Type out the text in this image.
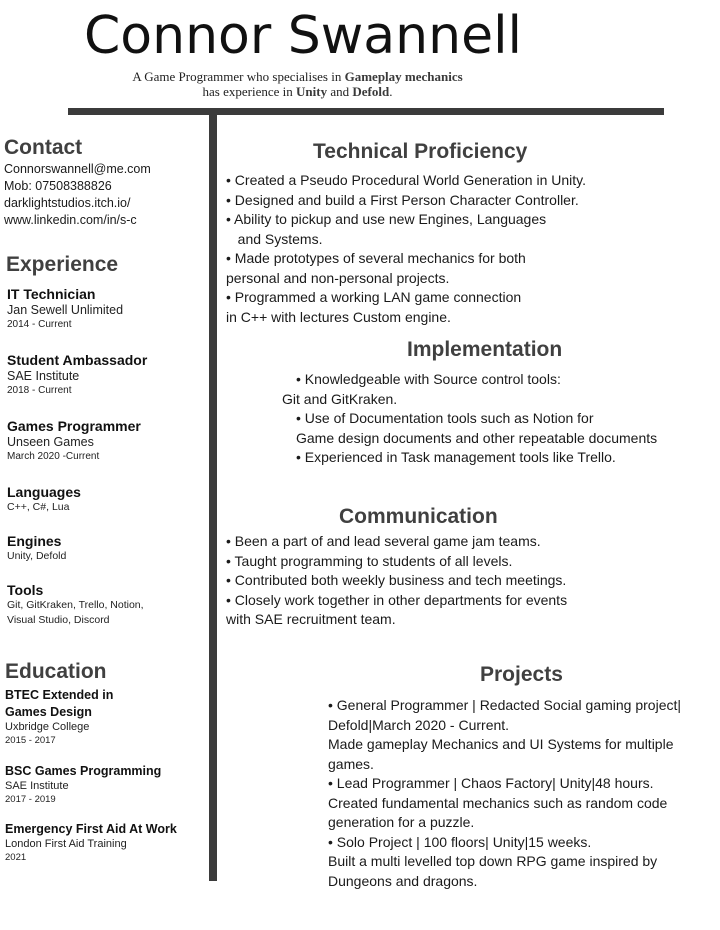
Connor Swannell
A Game Programmer who specialises in Gameplay mechanics
has experience in Unity and Defold.
Contact
Connorswannell@me.com
Mob: 07508388826
darklightstudios.itch.io/
www.linkedin.com/in/s-c
Experience
IT Technician
Jan Sewell Unlimited
2014 - Current
Student Ambassador
SAE Institute
2018 - Current
Games Programmer
Unseen Games
March 2020 -Current
Languages
C++, C#, Lua
Engines
Unity, Defold
Tools
Git, GitKraken, Trello, Notion,
Visual Studio, Discord
Education
BTEC Extended in
Games Design
Uxbridge College
2015 - 2017
BSC Games Programming
SAE Institute
2017 - 2019
Emergency First Aid At Work
London First Aid Training
2021
Technical Proficiency
• Created a Pseudo Procedural World Generation in Unity.
• Designed and build a First Person Character Controller.
• Ability to pickup and use new Engines, Languages
and Systems.
• Made prototypes of several mechanics for both
personal and non-personal projects.
• Programmed a working LAN game connection
in C++ with lectures Custom engine.
Implementation
• Knowledgeable with Source control tools:
Git and GitKraken.
• Use of Documentation tools such as Notion for
Game design documents and other repeatable documents
• Experienced in Task management tools like Trello.
Communication
• Been a part of and lead several game jam teams.
• Taught programming to students of all levels.
• Contributed both weekly business and tech meetings.
• Closely work together in other departments for events
with SAE recruitment team.
Projects
• General Programmer | Redacted Social gaming project|
Defold|March 2020 - Current.
Made gameplay Mechanics and UI Systems for multiple
games.
• Lead Programmer | Chaos Factory| Unity|48 hours.
Created fundamental mechanics such as random code
generation for a puzzle.
• Solo Project | 100 floors| Unity|15 weeks.
Built a multi levelled top down RPG game inspired by
Dungeons and dragons.
